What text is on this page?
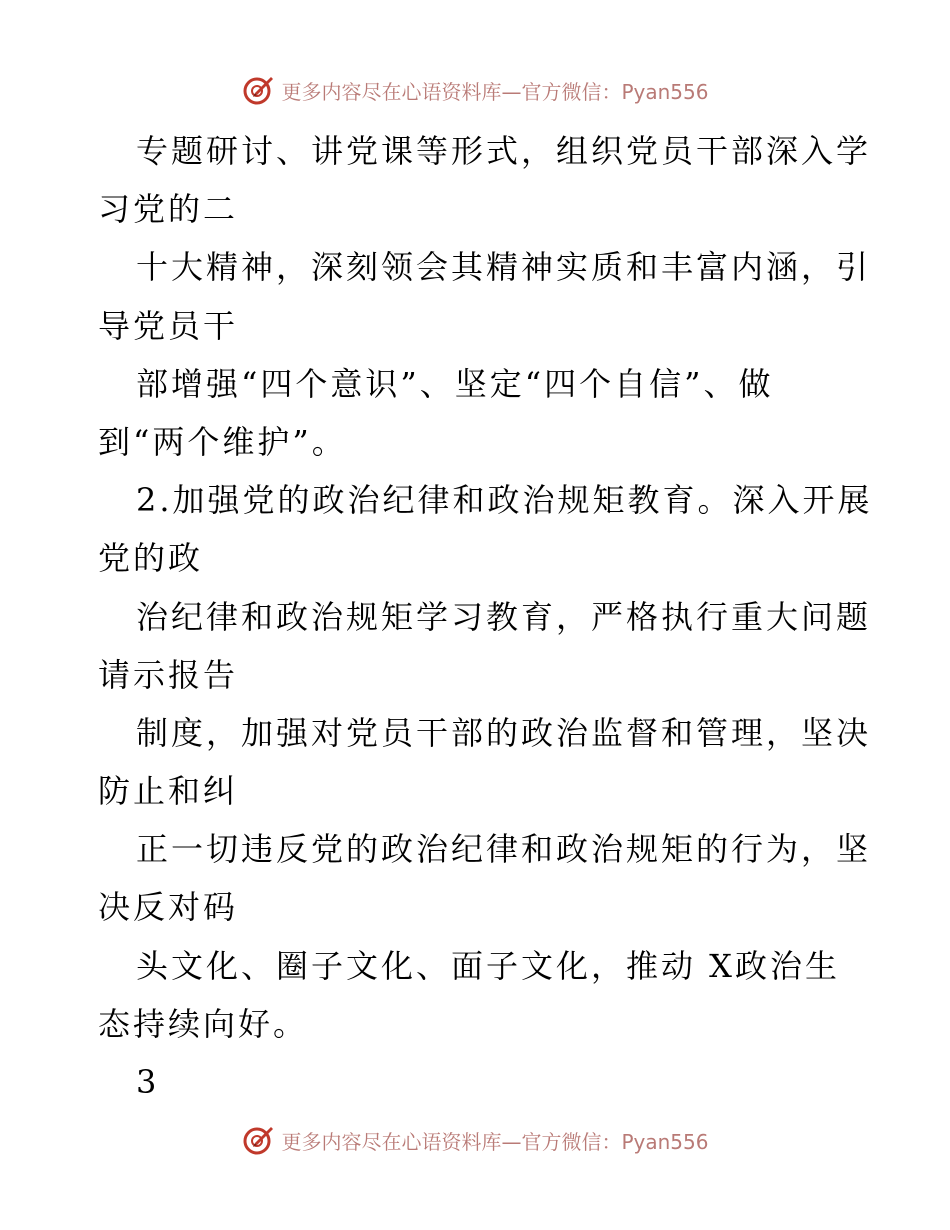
更多内容尽在心语资料库—官方微信：Pyan556
专题研讨、讲党课等形式，组织党员干部深入学
习党的二
十大精神，深刻领会其精神实质和丰富内涵，引
导党员干
部增强“四个意识”、坚定“四个自信”、做
到“两个维护”。
2.加强党的政治纪律和政治规矩教育。深入开展
党的政
治纪律和政治规矩学习教育，严格执行重大问题
请示报告
制度，加强对党员干部的政治监督和管理，坚决
防止和纠
正一切违反党的政治纪律和政治规矩的行为，坚
决反对码
头文化、圈子文化、面子文化，推动 X政治生
态持续向好。
3
更多内容尽在心语资料库—官方微信：Pyan556
